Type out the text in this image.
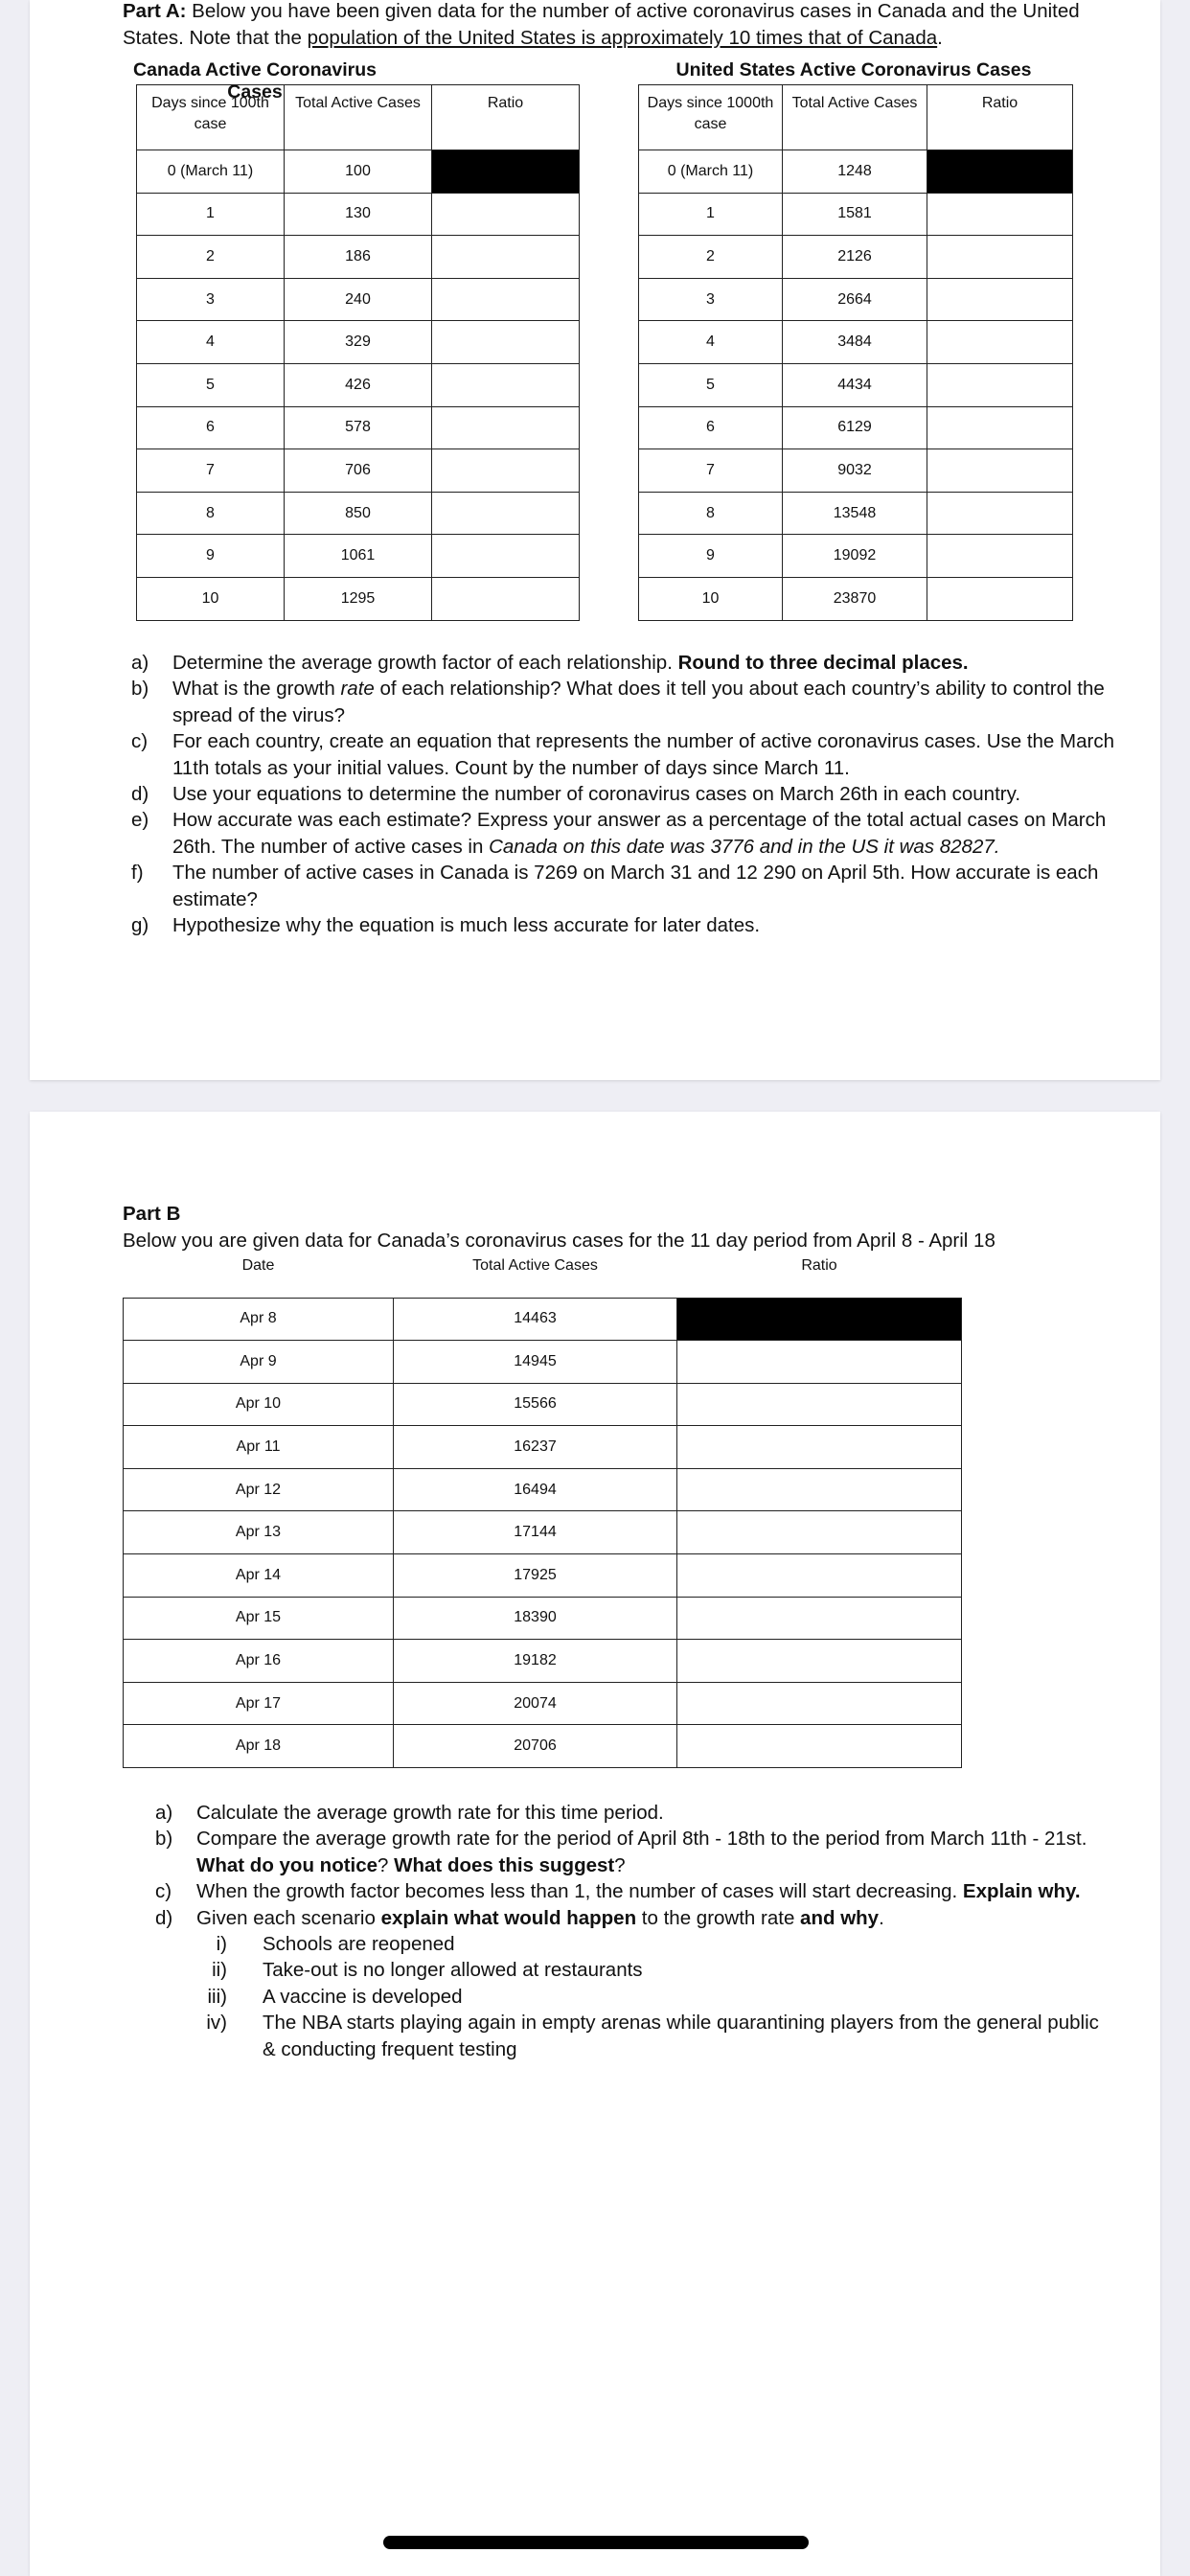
Part A: Below you have been given data for the number of active coronavirus cases in Canada and the United States. Note that the population of the United States is approximately 10 times that of Canada.

Canada Active Coronavirus Cases
United States Active Coronavirus Cases
Days since 100th case	Total Active Cases	Ratio
0 (March 11)	100	
1	130	
2	186	
3	240	
4	329	
5	426	
6	578	
7	706	
8	850	
9	1061	
10	1295	
Days since 1000th case	Total Active Cases	Ratio
0 (March 11)	1248	
1	1581	
2	2126	
3	2664	
4	3484	
5	4434	
6	6129	
7	9032	
8	13548	
9	19092	
10	23870	
a) Determine the average growth factor of each relationship. Round to three decimal places.
b) What is the growth rate of each relationship? What does it tell you about each country’s ability to control the spread of the virus?
c) For each country, create an equation that represents the number of active coronavirus cases. Use the March 11th totals as your initial values. Count by the number of days since March 11.
d) Use your equations to determine the number of coronavirus cases on March 26th in each country.
e) How accurate was each estimate? Express your answer as a percentage of the total actual cases on March 26th. The number of active cases in Canada on this date was 3776 and in the US it was 82827.
f) The number of active cases in Canada is 7269 on March 31 and 12 290 on April 5th. How accurate is each estimate?
g) Hypothesize why the equation is much less accurate for later dates.

Part B

Below you are given data for Canada’s coronavirus cases for the 11 day period from April 8 - April 18

Date	Total Active Cases	Ratio
Apr 8	14463	
Apr 9	14945	
Apr 10	15566	
Apr 11	16237	
Apr 12	16494	
Apr 13	17144	
Apr 14	17925	
Apr 15	18390	
Apr 16	19182	
Apr 17	20074	
Apr 18	20706	
a) Calculate the average growth rate for this time period.
b) Compare the average growth rate for the period of April 8th - 18th to the period from March 11th - 21st. What do you notice? What does this suggest?
c) When the growth factor becomes less than 1, the number of cases will start decreasing. Explain why.
d) Given each scenario explain what would happen to the growth rate and why.
i) Schools are reopened
ii) Take-out is no longer allowed at restaurants
iii) A vaccine is developed
iv) The NBA starts playing again in empty arenas while quarantining players from the general public & conducting frequent testing
